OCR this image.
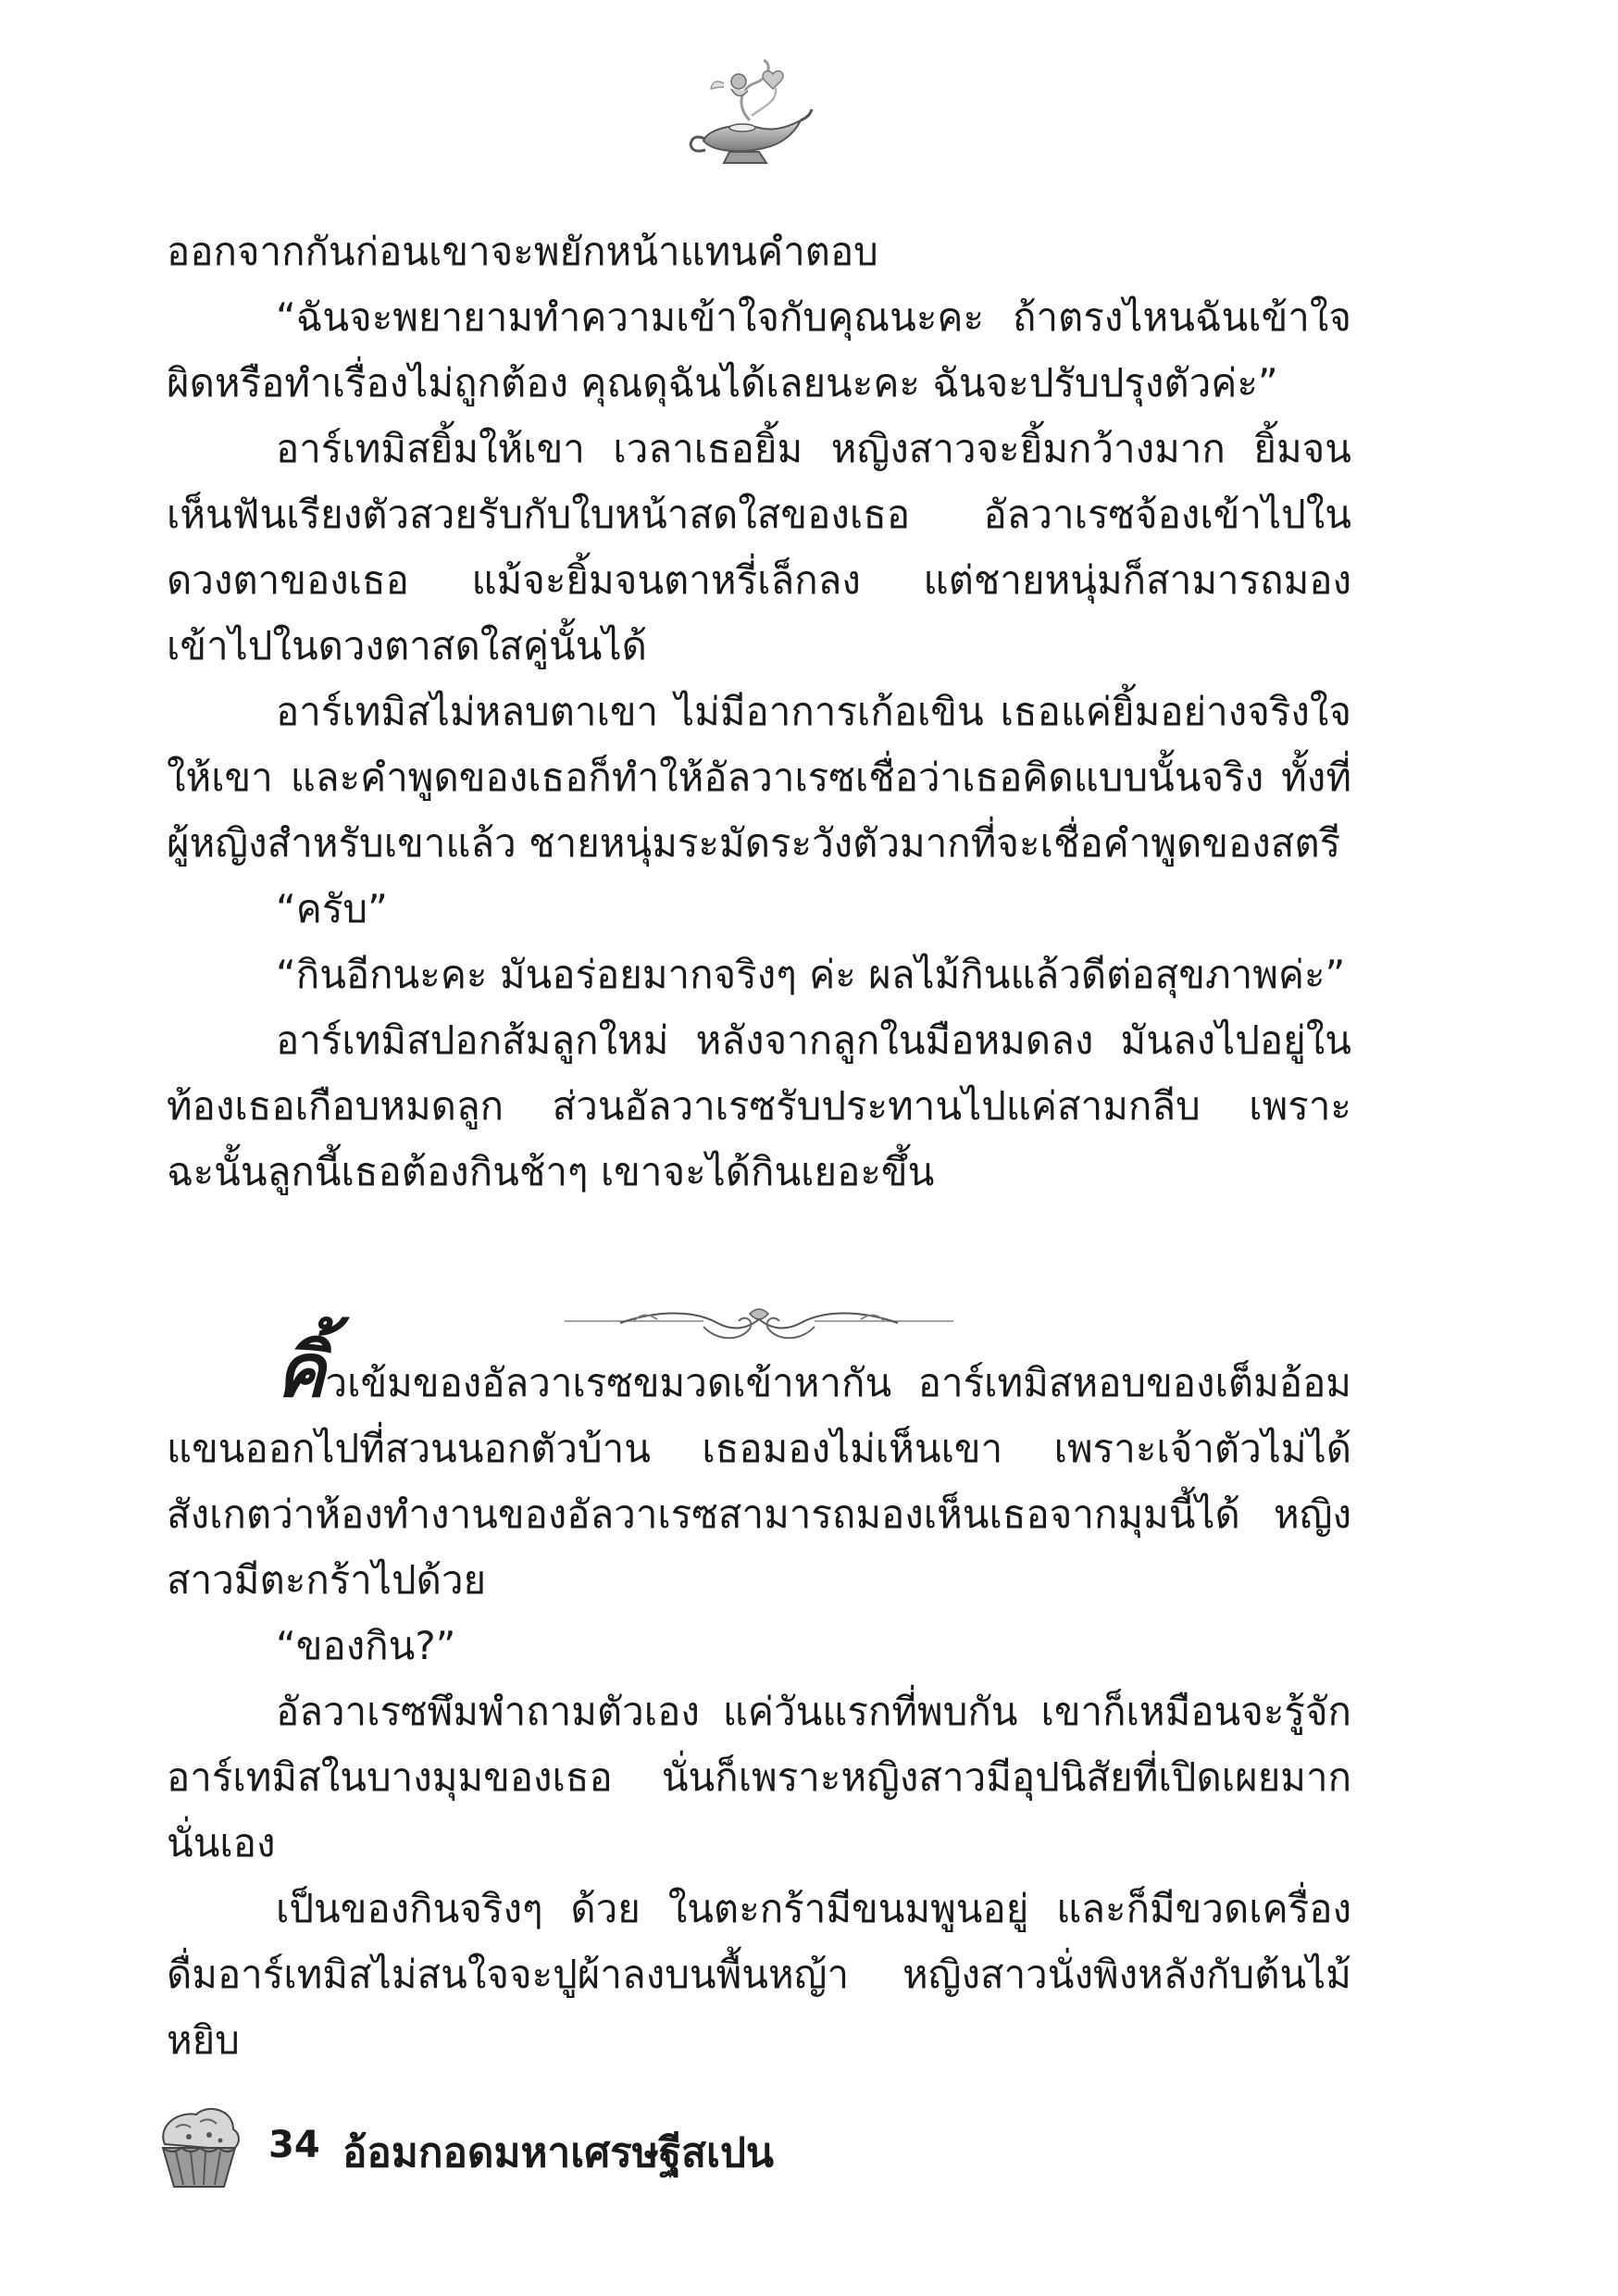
ออกจากกันก่อนเขาจะพยักหน้าแทนคำตอบ

“ฉันจะพยายามทำความเข้าใจกับคุณนะคะ ถ้าตรงไหนฉันเข้าใจผิดหรือทำเรื่องไม่ถูกต้อง คุณดุฉันได้เลยนะคะ ฉันจะปรับปรุงตัวค่ะ”

อาร์เทมิสยิ้มให้เขา เวลาเธอยิ้ม หญิงสาวจะยิ้มกว้างมาก ยิ้มจนเห็นฟันเรียงตัวสวยรับกับใบหน้าสดใสของเธอ อัลวาเรซจ้องเข้าไปในดวงตาของเธอ แม้จะยิ้มจนตาหรี่เล็กลง แต่ชายหนุ่มก็สามารถมองเข้าไปในดวงตาสดใสคู่นั้นได้

อาร์เทมิสไม่หลบตาเขา ไม่มีอาการเก้อเขิน เธอแค่ยิ้มอย่างจริงใจให้เขา และคำพูดของเธอก็ทำให้อัลวาเรซเชื่อว่าเธอคิดแบบนั้นจริง ทั้งที่ผู้หญิงสำหรับเขาแล้ว ชายหนุ่มระมัดระวังตัวมากที่จะเชื่อคำพูดของสตรี

“ครับ”

“กินอีกนะคะ มันอร่อยมากจริงๆ ค่ะ ผลไม้กินแล้วดีต่อสุขภาพค่ะ”

อาร์เทมิสปอกส้มลูกใหม่ หลังจากลูกในมือหมดลง มันลงไปอยู่ในท้องเธอเกือบหมดลูก ส่วนอัลวาเรซรับประทานไปแค่สามกลีบ เพราะฉะนั้นลูกนี้เธอต้องกินช้าๆ เขาจะได้กินเยอะขึ้น

คิ้วเข้มของอัลวาเรซขมวดเข้าหากัน อาร์เทมิสหอบของเต็มอ้อมแขนออกไปที่สวนนอกตัวบ้าน เธอมองไม่เห็นเขา เพราะเจ้าตัวไม่ได้สังเกตว่าห้องทำงานของอัลวาเรซสามารถมองเห็นเธอจากมุมนี้ได้ หญิงสาวมีตะกร้าไปด้วย

“ของกิน?”

อัลวาเรซพึมพำถามตัวเอง แค่วันแรกที่พบกัน เขาก็เหมือนจะรู้จักอาร์เทมิสในบางมุมของเธอ นั่นก็เพราะหญิงสาวมีอุปนิสัยที่เปิดเผยมากนั่นเอง

เป็นของกินจริงๆ ด้วย ในตะกร้ามีขนมพูนอยู่ และก็มีขวดเครื่องดื่มอาร์เทมิสไม่สนใจจะปูผ้าลงบนพื้นหญ้า หญิงสาวนั่งพิงหลังกับต้นไม้ หยิบ

34 อ้อมกอดมหาเศรษฐีสเปน
